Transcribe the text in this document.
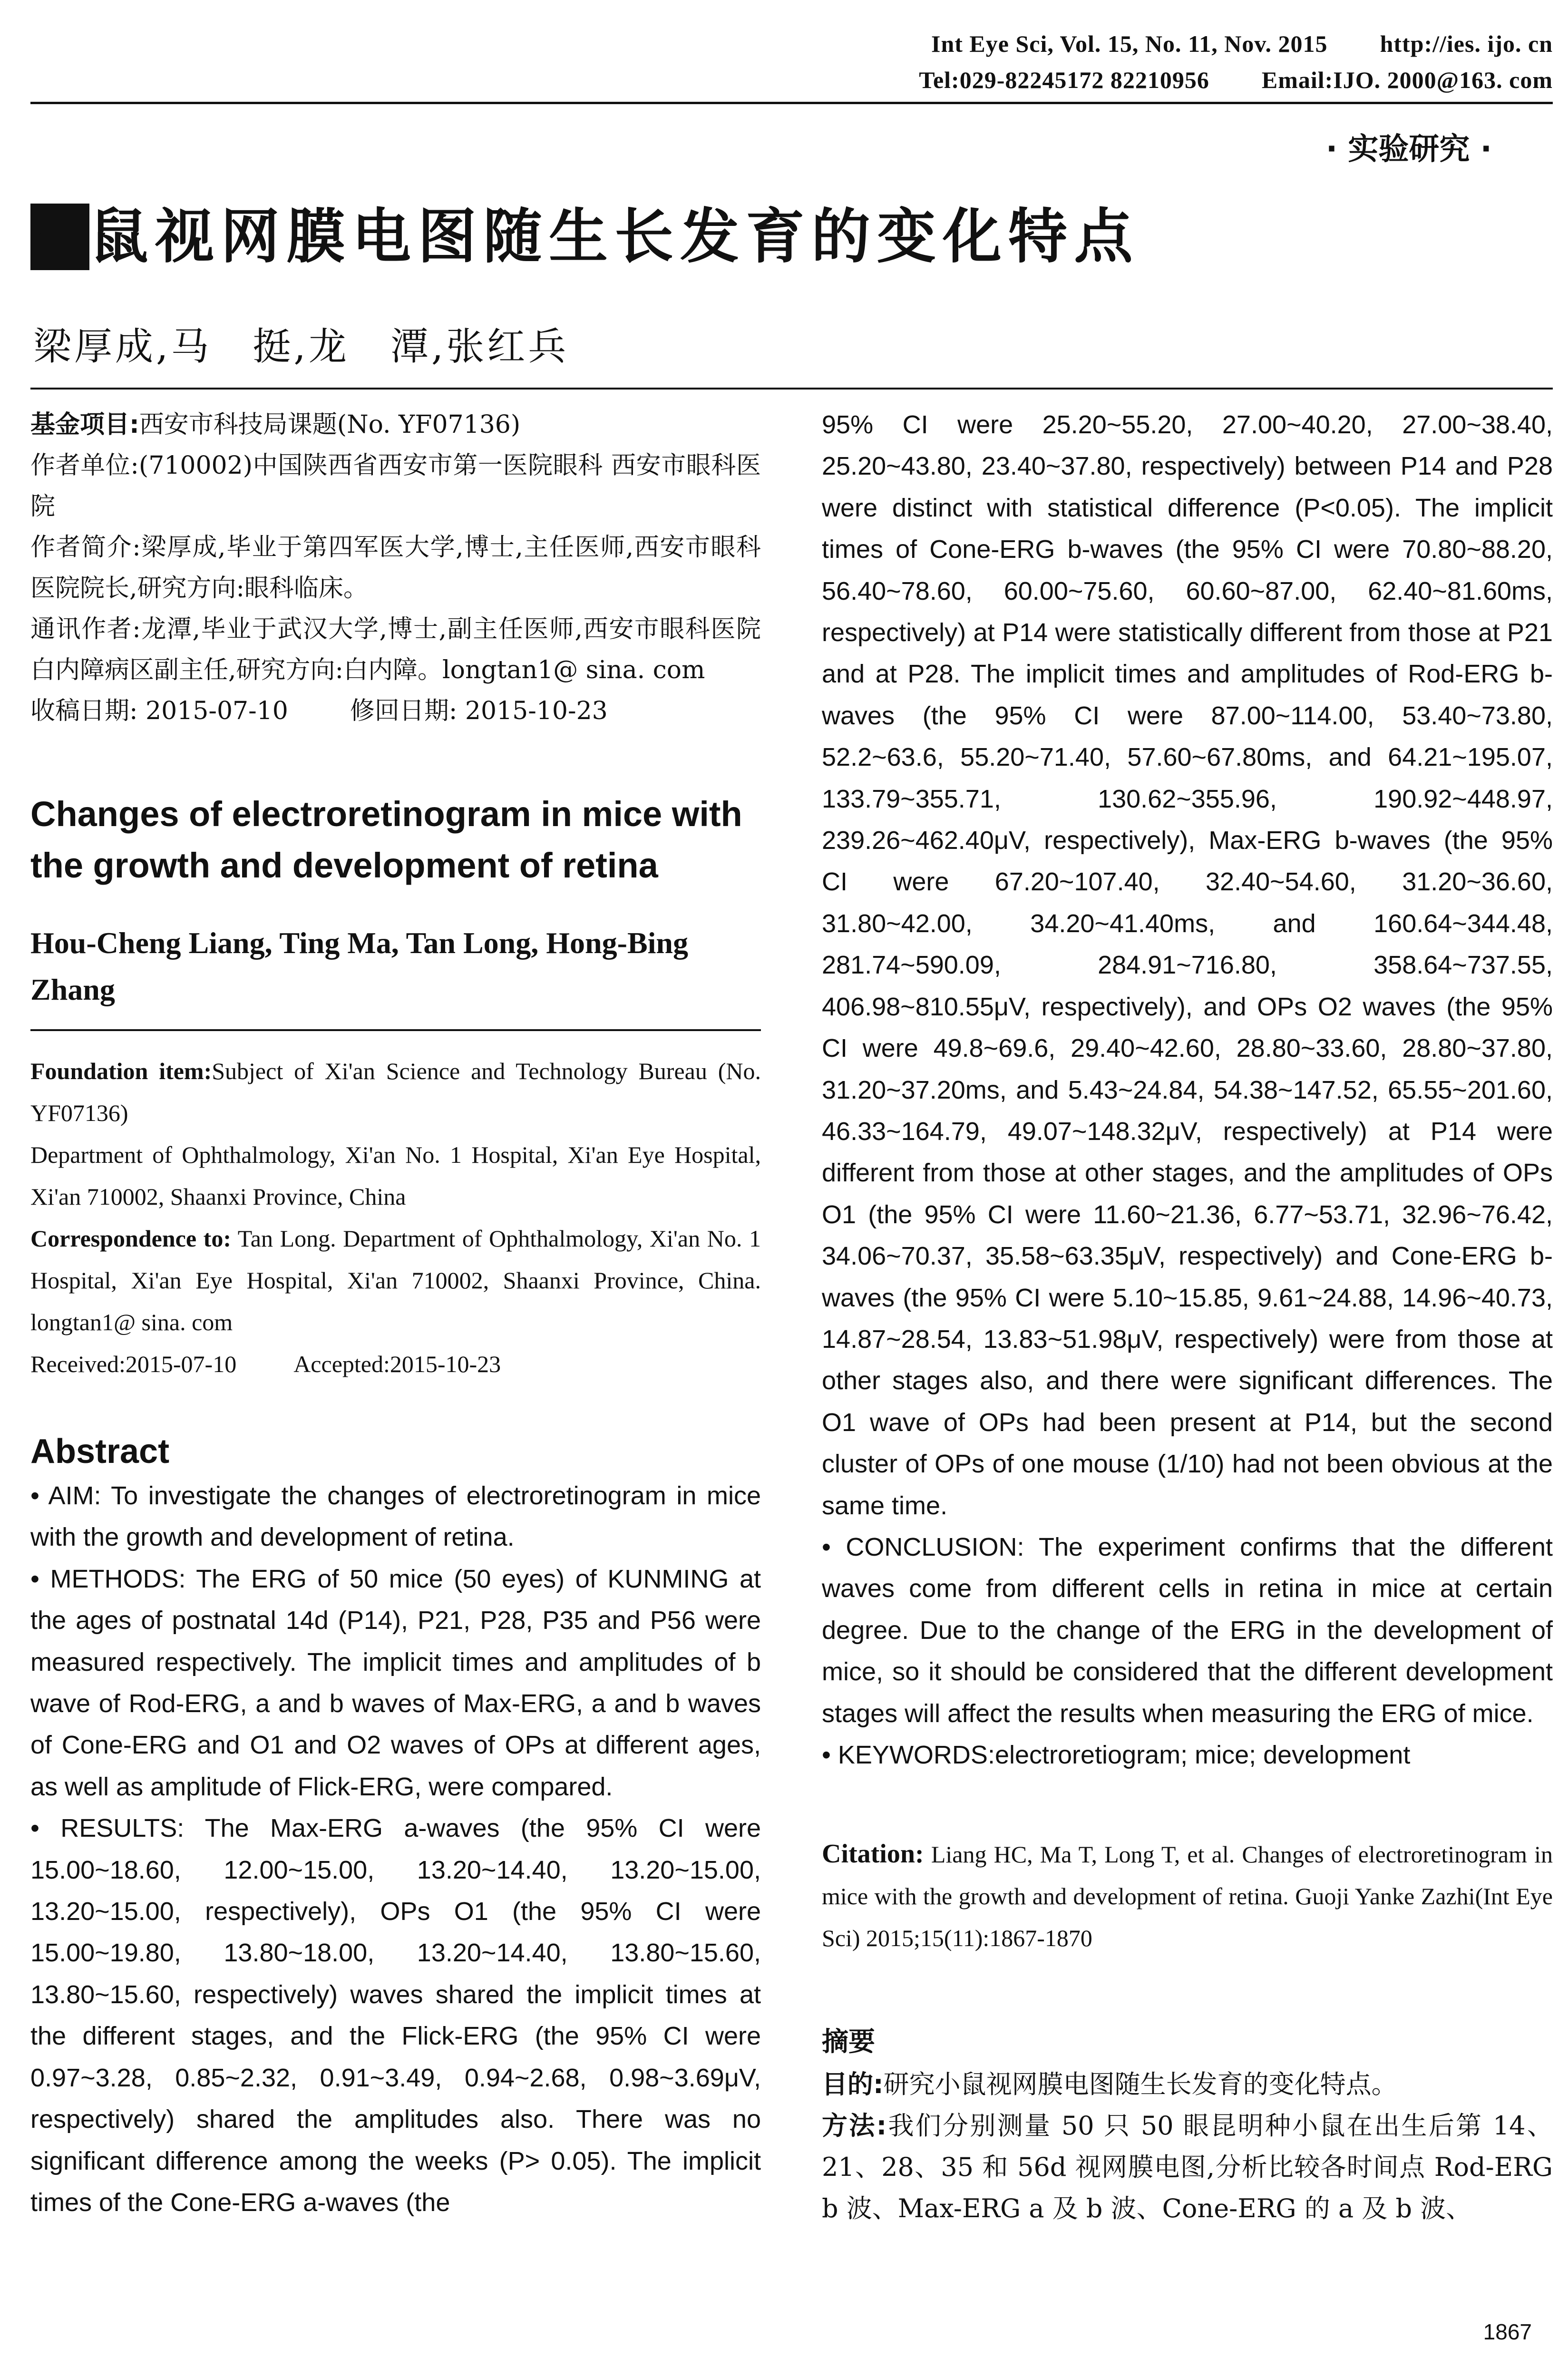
Int Eye Sci, Vol. 15, No. 11, Nov. 2015 http://ies. ijo. cn
Tel:029-82245172 82210956 Email:IJO. 2000@163. com
· 实验研究 ·
小鼠视网膜电图随生长发育的变化特点
梁厚成,马　挺,龙　潭,张红兵

基金项目:西安市科技局课题(No. YF07136)

作者单位:(710002)中国陕西省西安市第一医院眼科 西安市眼科医院

作者简介:梁厚成,毕业于第四军医大学,博士,主任医师,西安市眼科医院院长,研究方向:眼科临床。

通讯作者:龙潭,毕业于武汉大学,博士,副主任医师,西安市眼科医院白内障病区副主任,研究方向:白内障。longtan1@ sina. com

收稿日期: 2015-07-10	修回日期: 2015-10-23

Changes of electroretinogram in mice with the growth and development of retina
Hou-Cheng Liang, Ting Ma, Tan Long, Hong-Bing Zhang

Foundation item:Subject of Xi'an Science and Technology Bureau (No. YF07136)

Department of Ophthalmology, Xi'an No. 1 Hospital, Xi'an Eye Hospital, Xi'an 710002, Shaanxi Province, China

Correspondence to: Tan Long. Department of Ophthalmology, Xi'an No. 1 Hospital, Xi'an Eye Hospital, Xi'an 710002, Shaanxi Province, China. longtan1@ sina. com

Received:2015-07-10 Accepted:2015-10-23

Abstract

• AIM: To investigate the changes of electroretinogram in mice with the growth and development of retina.

• METHODS: The ERG of 50 mice (50 eyes) of KUNMING at the ages of postnatal 14d (P14), P21, P28, P35 and P56 were measured respectively. The implicit times and amplitudes of b wave of Rod-ERG, a and b waves of Max-ERG, a and b waves of Cone-ERG and O1 and O2 waves of OPs at different ages, as well as amplitude of Flick-ERG, were compared.

• RESULTS: The Max-ERG a-waves (the 95% CI were 15.00~18.60, 12.00~15.00, 13.20~14.40, 13.20~15.00, 13.20~15.00, respectively), OPs O1 (the 95% CI were 15.00~19.80, 13.80~18.00, 13.20~14.40, 13.80~15.60, 13.80~15.60, respectively) waves shared the implicit times at the different stages, and the Flick-ERG (the 95% CI were 0.97~3.28, 0.85~2.32, 0.91~3.49, 0.94~2.68, 0.98~3.69μV, respectively) shared the amplitudes also. There was no significant difference among the weeks (P> 0.05). The implicit times of the Cone-ERG a-waves (the

95% CI were 25.20~55.20, 27.00~40.20, 27.00~38.40, 25.20~43.80, 23.40~37.80, respectively) between P14 and P28 were distinct with statistical difference (P<0.05). The implicit times of Cone-ERG b-waves (the 95% CI were 70.80~88.20, 56.40~78.60, 60.00~75.60, 60.60~87.00, 62.40~81.60ms, respectively) at P14 were statistically different from those at P21 and at P28. The implicit times and amplitudes of Rod-ERG b-waves (the 95% CI were 87.00~114.00, 53.40~73.80, 52.2~63.6, 55.20~71.40, 57.60~67.80ms, and 64.21~195.07, 133.79~355.71, 130.62~355.96, 190.92~448.97, 239.26~462.40μV, respectively), Max-ERG b-waves (the 95% CI were 67.20~107.40, 32.40~54.60, 31.20~36.60, 31.80~42.00, 34.20~41.40ms, and 160.64~344.48, 281.74~590.09, 284.91~716.80, 358.64~737.55, 406.98~810.55μV, respectively), and OPs O2 waves (the 95% CI were 49.8~69.6, 29.40~42.60, 28.80~33.60, 28.80~37.80, 31.20~37.20ms, and 5.43~24.84, 54.38~147.52, 65.55~201.60, 46.33~164.79, 49.07~148.32μV, respectively) at P14 were different from those at other stages, and the amplitudes of OPs O1 (the 95% CI were 11.60~21.36, 6.77~53.71, 32.96~76.42, 34.06~70.37, 35.58~63.35μV, respectively) and Cone-ERG b-waves (the 95% CI were 5.10~15.85, 9.61~24.88, 14.96~40.73, 14.87~28.54, 13.83~51.98μV, respectively) were from those at other stages also, and there were significant differences. The O1 wave of OPs had been present at P14, but the second cluster of OPs of one mouse (1/10) had not been obvious at the same time.

• CONCLUSION: The experiment confirms that the different waves come from different cells in retina in mice at certain degree. Due to the change of the ERG in the development of mice, so it should be considered that the different development stages will affect the results when measuring the ERG of mice.

• KEYWORDS:electroretiogram; mice; development

Citation: Liang HC, Ma T, Long T, et al. Changes of electroretinogram in mice with the growth and development of retina. Guoji Yanke Zazhi(Int Eye Sci) 2015;15(11):1867-1870

摘要

目的:研究小鼠视网膜电图随生长发育的变化特点。

方法:我们分别测量 50 只 50 眼昆明种小鼠在出生后第 14、21、28、35 和 56d 视网膜电图,分析比较各时间点 Rod-ERG b 波、Max-ERG a 及 b 波、Cone-ERG 的 a 及 b 波、

1867
